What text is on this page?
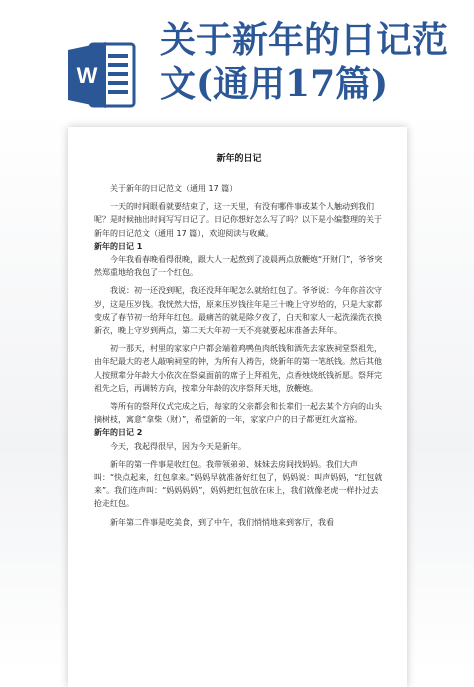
W
关于新年的日记范文(通用17篇)
新年的日记

关于新年的日记范文（通用 17 篇）

一天的时间眼看就要结束了，这一天里，有没有哪件事或某个人触动到我们呢？是时候抽出时间写写日记了。日记你想好怎么写了吗？以下是小编整理的关于新年的日记范文（通用 17 篇），欢迎阅读与收藏。

新年的日记 1

今年我看春晚看得很晚，跟大人一起熬到了凌晨两点放鞭炮“开财门”，爷爷突然郑重地给我包了一个红包。

我说：初一还没到呢，我还没拜年呢怎么就给红包了。爷爷说：今年你首次守岁，这是压岁钱。我恍然大悟，原来压岁钱往年是三十晚上守岁给的，只是大家都变成了春节初一给拜年红包。最痛苦的就是除夕夜了，白天和家人一起洗澡洗衣换新衣，晚上守岁到两点，第二天大年初一天不亮就要起床准备去拜年。

初一那天，村里的家家户户都会端着鸡鸭鱼肉纸钱和酒先去家族祠堂祭祖先，由年纪最大的老人敲响祠堂的钟，为所有人祷告，烧新年的第一笔纸钱。然后其他人按照辈分年龄大小依次在祭桌面前的席子上拜祖先，点香烛烧纸钱祈愿。祭拜完祖先之后，再调转方向，按辈分年龄的次序祭拜天地，放鞭炮。

等所有的祭拜仪式完成之后，每家的父亲都会和长辈们一起去某个方向的山头摘树枝，寓意“拿柴（财）”，希望新的一年，家家户户的日子都更红火富裕。

新年的日记 2

今天，我起得很早，因为今天是新年。

新年的第一件事是收红包。我带领弟弟、妹妹去房间找妈妈。我们大声叫：“快点起来，红包拿来。”妈妈早就准备好红包了，妈妈说：叫声妈妈，“红包就来”。我们连声叫：“妈妈妈妈”，妈妈把红包放在床上，我们就像老虎一样扑过去抢走红包。

新年第二件事是吃美食，到了中午，我们悄悄地来到客厅，我看
